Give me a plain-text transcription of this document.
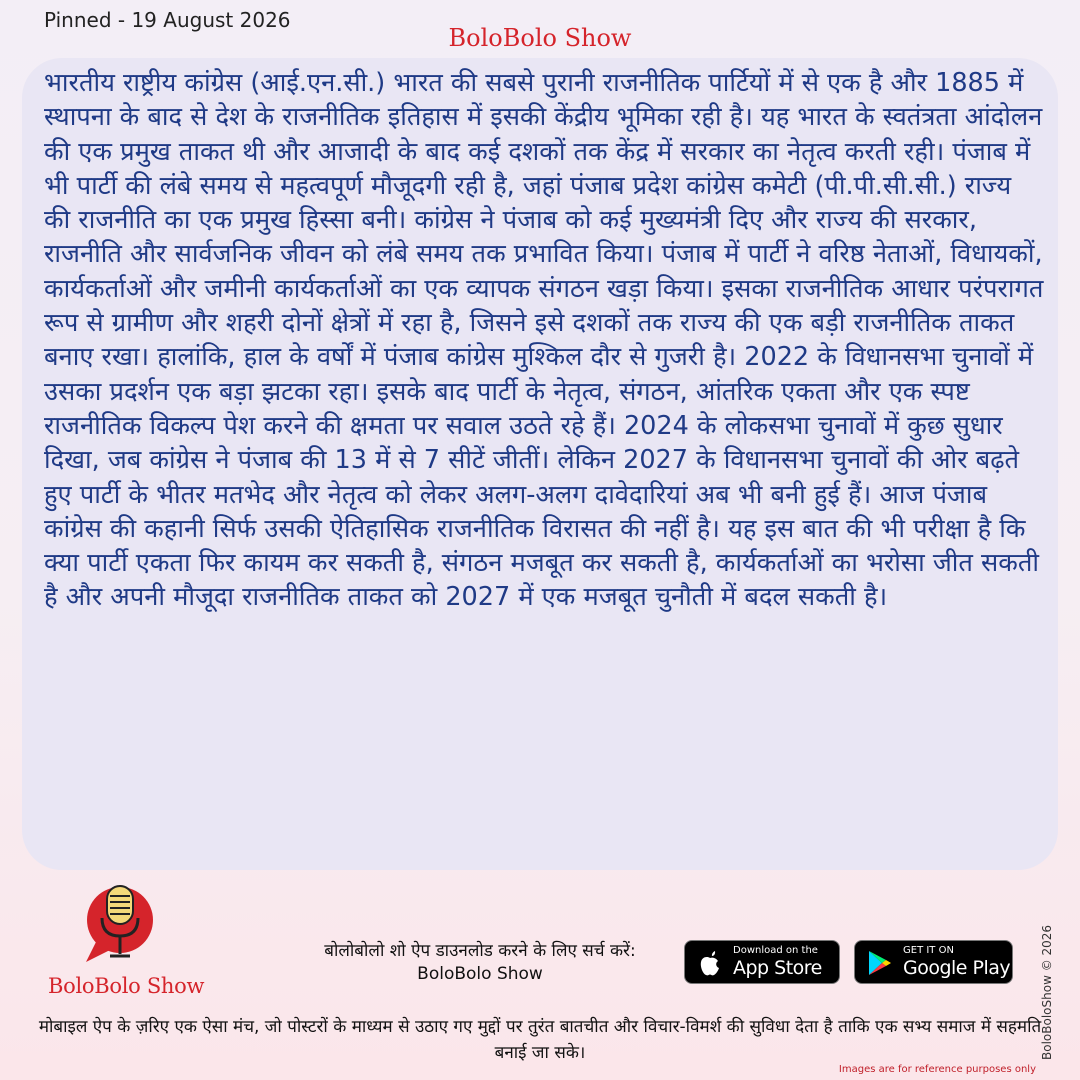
Pinned - 19 August 2026
BoloBolo Show

भारतीय राष्ट्रीय कांग्रेस (आई.एन.सी.) भारत की सबसे पुरानी राजनीतिक पार्टियों में से एक है और 1885 में स्थापना के बाद से देश के राजनीतिक इतिहास में इसकी केंद्रीय भूमिका रही है। यह भारत के स्वतंत्रता आंदोलन की एक प्रमुख ताकत थी और आजादी के बाद कई दशकों तक केंद्र में सरकार का नेतृत्व करती रही। पंजाब में भी पार्टी की लंबे समय से महत्वपूर्ण मौजूदगी रही है, जहां पंजाब प्रदेश कांग्रेस कमेटी (पी.पी.सी.सी.) राज्य की राजनीति का एक प्रमुख हिस्सा बनी। कांग्रेस ने पंजाब को कई मुख्यमंत्री दिए और राज्य की सरकार, राजनीति और सार्वजनिक जीवन को लंबे समय तक प्रभावित किया। पंजाब में पार्टी ने वरिष्ठ नेताओं, विधायकों, कार्यकर्ताओं और जमीनी कार्यकर्ताओं का एक व्यापक संगठन खड़ा किया। इसका राजनीतिक आधार परंपरागत रूप से ग्रामीण और शहरी दोनों क्षेत्रों में रहा है, जिसने इसे दशकों तक राज्य की एक बड़ी राजनीतिक ताकत बनाए रखा। हालांकि, हाल के वर्षों में पंजाब कांग्रेस मुश्किल दौर से गुजरी है। 2022 के विधानसभा चुनावों में उसका प्रदर्शन एक बड़ा झटका रहा। इसके बाद पार्टी के नेतृत्व, संगठन, आंतरिक एकता और एक स्पष्ट राजनीतिक विकल्प पेश करने की क्षमता पर सवाल उठते रहे हैं। 2024 के लोकसभा चुनावों में कुछ सुधार दिखा, जब कांग्रेस ने पंजाब की 13 में से 7 सीटें जीतीं। लेकिन 2027 के विधानसभा चुनावों की ओर बढ़ते हुए पार्टी के भीतर मतभेद और नेतृत्व को लेकर अलग-अलग दावेदारियां अब भी बनी हुई हैं। आज पंजाब कांग्रेस की कहानी सिर्फ उसकी ऐतिहासिक राजनीतिक विरासत की नहीं है। यह इस बात की भी परीक्षा है कि क्या पार्टी एकता फिर कायम कर सकती है, संगठन मजबूत कर सकती है, कार्यकर्ताओं का भरोसा जीत सकती है और अपनी मौजूदा राजनीतिक ताकत को 2027 में एक मजबूत चुनौती में बदल सकती है।

BoloBolo Show
बोलोबोलो शो ऐप डाउनलोड करने के लिए सर्च करें:
BoloBolo Show
Download on the
App Store
GET IT ON
Google Play BoloBoloShow © 2026
मोबाइल ऐप के ज़रिए एक ऐसा मंच, जो पोस्टरों के माध्यम से उठाए गए मुद्दों पर तुरंत बातचीत और विचार-विमर्श की सुविधा देता है ताकि एक सभ्य समाज में सहमति बनाई जा सके।
Images are for reference purposes only
